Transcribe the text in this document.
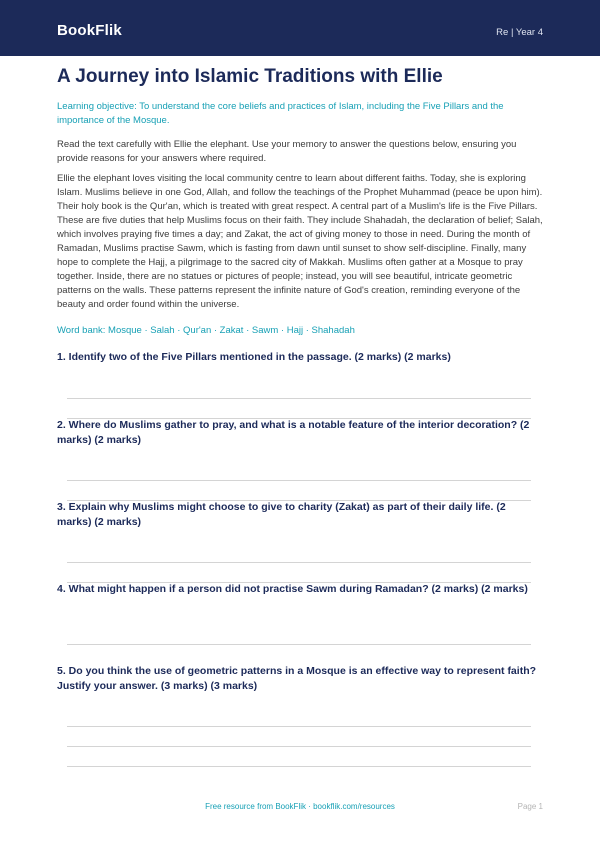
BookFlik	Re | Year 4
A Journey into Islamic Traditions with Ellie
Learning objective: To understand the core beliefs and practices of Islam, including the Five Pillars and the importance of the Mosque.
Read the text carefully with Ellie the elephant. Use your memory to answer the questions below, ensuring you provide reasons for your answers where required.
Ellie the elephant loves visiting the local community centre to learn about different faiths. Today, she is exploring Islam. Muslims believe in one God, Allah, and follow the teachings of the Prophet Muhammad (peace be upon him). Their holy book is the Qur'an, which is treated with great respect. A central part of a Muslim's life is the Five Pillars. These are five duties that help Muslims focus on their faith. They include Shahadah, the declaration of belief; Salah, which involves praying five times a day; and Zakat, the act of giving money to those in need. During the month of Ramadan, Muslims practise Sawm, which is fasting from dawn until sunset to show self-discipline. Finally, many hope to complete the Hajj, a pilgrimage to the sacred city of Makkah. Muslims often gather at a Mosque to pray together. Inside, there are no statues or pictures of people; instead, you will see beautiful, intricate geometric patterns on the walls. These patterns represent the infinite nature of God's creation, reminding everyone of the beauty and order found within the universe.
Word bank: Mosque · Salah · Qur'an · Zakat · Sawm · Hajj · Shahadah

1. Identify two of the Five Pillars mentioned in the passage. (2 marks) (2 marks)

2. Where do Muslims gather to pray, and what is a notable feature of the interior decoration? (2 marks) (2 marks)

3. Explain why Muslims might choose to give to charity (Zakat) as part of their daily life. (2 marks) (2 marks)

4. What might happen if a person did not practise Sawm during Ramadan? (2 marks) (2 marks)

5. Do you think the use of geometric patterns in a Mosque is an effective way to represent faith? Justify your answer. (3 marks) (3 marks)

Free resource from BookFlik · bookflik.com/resources	Page 1
